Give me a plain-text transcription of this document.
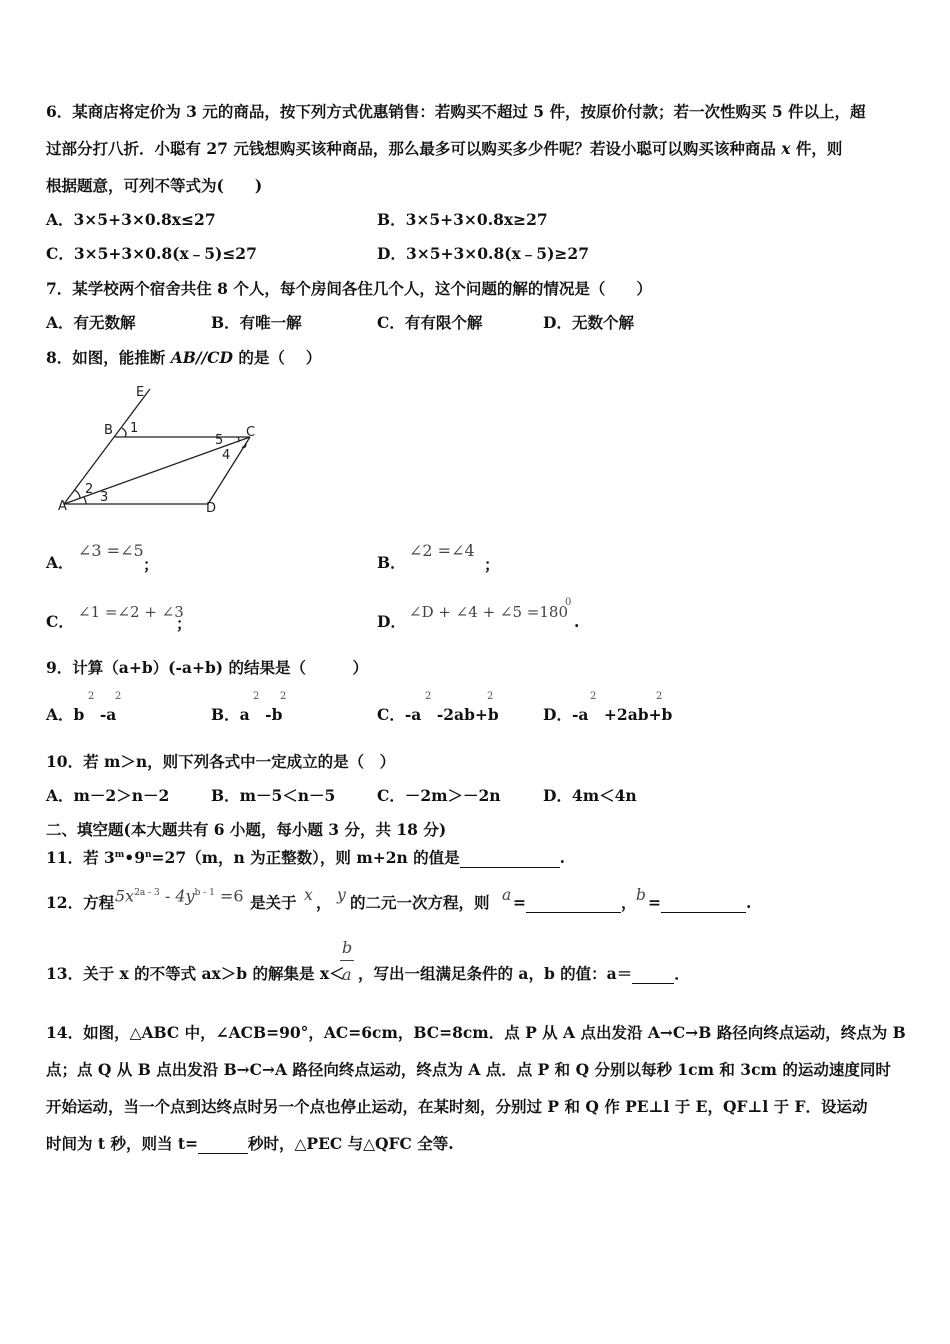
6．某商店将定价为 3 元的商品，按下列方式优惠销售：若购买不超过 5 件，按原价付款；若一次性购买 5 件以上，超
过部分打八折．小聪有 27 元钱想购买该种商品，那么最多可以购买多少件呢？若设小聪可以购买该种商品 x 件，则
根据题意，可列不等式为(　　)
A．3×5+3×0.8x≤27	B．3×5+3×0.8x≥27
C．3×5+3×0.8(x﹣5)≤27	D．3×5+3×0.8(x﹣5)≥27
7．某学校两个宿舍共住 8 个人，每个房间各住几个人，这个问题的解的情况是（　　）
A．有无数解	B．有唯一解	C．有有限个解	D．无数个解
8．如图，能推断 AB//CD 的是（　 ）
E
B	C
A	D
1
2
3
4
5
A．
∠3 =∠5
；	B．
∠2 =∠4
；
C． ∠1 =∠2 + ∠3
；	D． ∠D + ∠4 + ∠5 =180
0
.
9．计算（a+b）(-a+b) 的结果是（　　　）
A．b　-a
2 2
B．a　-b
2 2
C．-a　-2ab+b
2	2
D．-a　+2ab+b
2	2
10．若 m＞n，则下列各式中一定成立的是（　）
A．m－2＞n－2	B．m－5＜n－5	C．－2m＞－2n	D．4m＜4n
二、填空题(本大题共有 6 小题，每小题 3 分，共 18 分)
11．若 $3^m•9^n=27(m$，n 为正整数），则 m+2n 的值是	.
12．方程 $5x^{2a - 3} - 4y^{b - 1} =6$ 是关于 x ， y 的二元一次方程，则 a =	， b =	.
13．关于 x 的不等式 ax＞b 的解集是 x＜
b
a ，写出一组满足条件的 a，b 的值：a＝	．
14．如图，△ABC 中，∠ACB=90°，AC=6cm，BC=8cm．点 P 从 A 点出发沿 A→C→B 路径向终点运动，终点为 B
点；点 Q 从 B 点出发沿 B→C→A 路径向终点运动，终点为 A 点．点 P 和 Q 分别以每秒 1cm 和 3cm 的运动速度同时
开始运动，当一个点到达终点时另一个点也停止运动，在某时刻，分别过 P 和 Q 作 PE⊥l 于 E，QF⊥l 于 F．设运动
时间为 t 秒，则当 t=	秒时，△PEC 与△QFC 全等.
